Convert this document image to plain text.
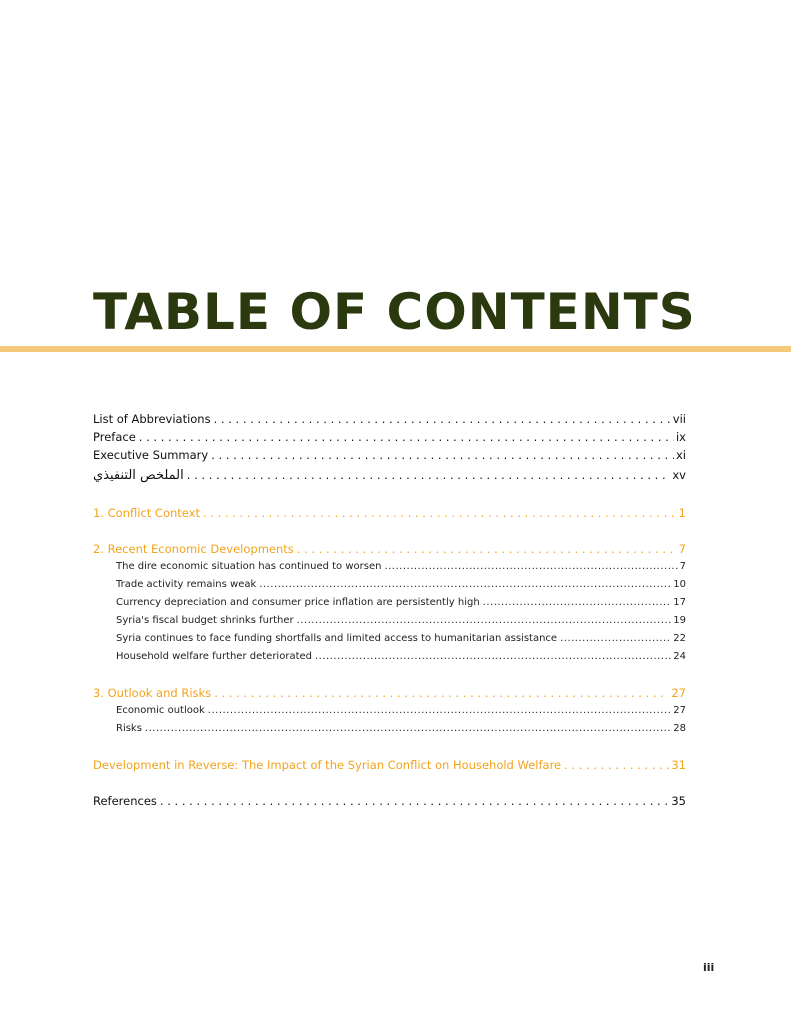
TABLE OF CONTENTS
List of Abbreviations . . .	vii
Preface . . .	ix
Executive Summary . . .	xi
الملخص التنفيذي . . .	xv
1. Conflict Context . . .	1
2. Recent Economic Developments . . .	7
The dire economic situation has continued to worsen .....	7
Trade activity remains weak .....	10
Currency depreciation and consumer price inflation are persistently high .....	17
Syria's fiscal budget shrinks further .....	19
Syria continues to face funding shortfalls and limited access to humanitarian assistance .....	22
Household welfare further deteriorated .....	24
3. Outlook and Risks . . .	27
Economic outlook .....	27
Risks .....	28
Development in Reverse: The Impact of the Syrian Conflict on Household Welfare . . .	31
References . . .	35
iii
